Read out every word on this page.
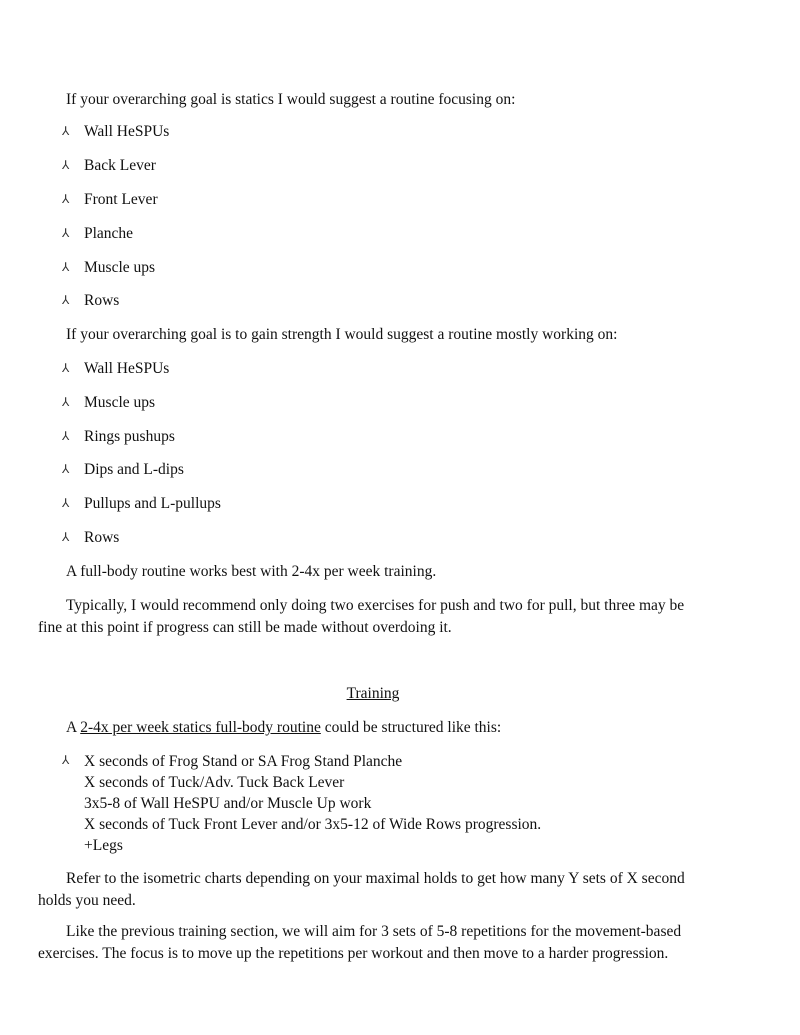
If your overarching goal is statics I would suggest a routine focusing on:
⅄ Wall HeSPUs
⅄ Back Lever
⅄ Front Lever
⅄ Planche
⅄ Muscle ups
⅄ Rows
If your overarching goal is to gain strength I would suggest a routine mostly working on:
⅄ Wall HeSPUs
⅄ Muscle ups
⅄ Rings pushups
⅄ Dips and L-dips
⅄ Pullups and L-pullups
⅄ Rows
A full-body routine works best with 2-4x per week training.
Typically, I would recommend only doing two exercises for push and two for pull, but three may be fine at this point if progress can still be made without overdoing it.
Training
A 2-4x per week statics full-body routine could be structured like this:
⅄ X seconds of Frog Stand or SA Frog Stand Planche
X seconds of Tuck/Adv. Tuck Back Lever
3x5-8 of Wall HeSPU and/or Muscle Up work
X seconds of Tuck Front Lever and/or 3x5-12 of Wide Rows progression.
+Legs
Refer to the isometric charts depending on your maximal holds to get how many Y sets of X second holds you need.
Like the previous training section, we will aim for 3 sets of 5-8 repetitions for the movement-based exercises. The focus is to move up the repetitions per workout and then move to a harder progression.
